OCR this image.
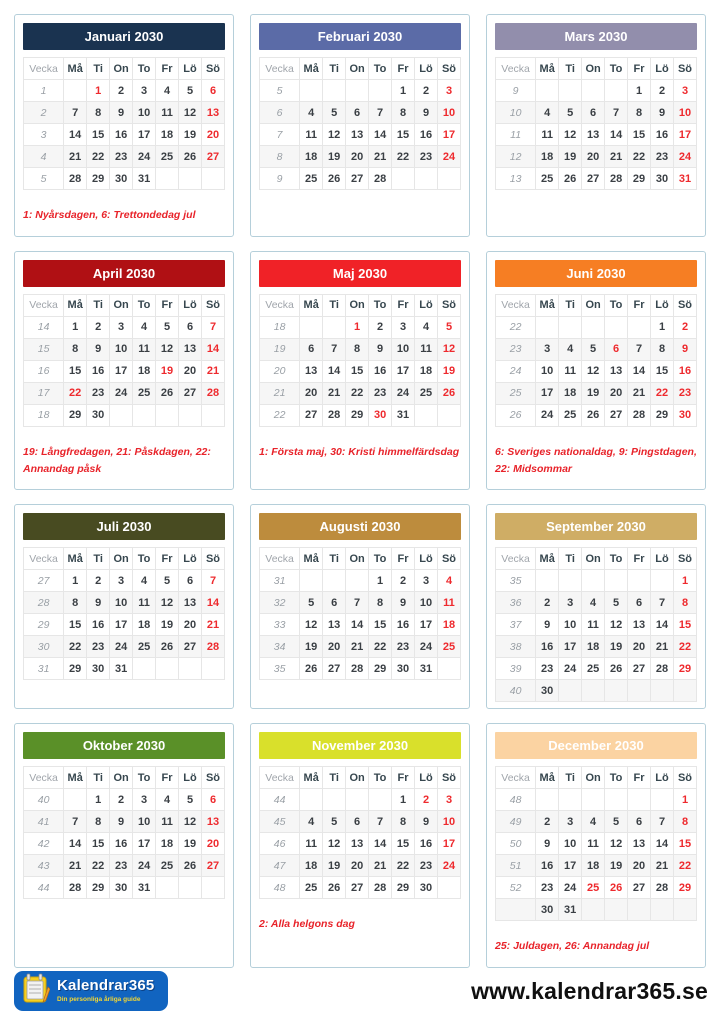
Januari 2030
Vecka	Må	Ti	On	To	Fr	Lö	Sö
1		1	2	3	4	5	6
2	7	8	9	10	11	12	13
3	14	15	16	17	18	19	20
4	21	22	23	24	25	26	27
5	28	29	30	31			
1: Nyårsdagen, 6: Trettondedag jul
Februari 2030
Vecka	Må	Ti	On	To	Fr	Lö	Sö
5					1	2	3
6	4	5	6	7	8	9	10
7	11	12	13	14	15	16	17
8	18	19	20	21	22	23	24
9	25	26	27	28			
Mars 2030
Vecka	Må	Ti	On	To	Fr	Lö	Sö
9					1	2	3
10	4	5	6	7	8	9	10
11	11	12	13	14	15	16	17
12	18	19	20	21	22	23	24
13	25	26	27	28	29	30	31
April 2030
Vecka	Må	Ti	On	To	Fr	Lö	Sö
14	1	2	3	4	5	6	7
15	8	9	10	11	12	13	14
16	15	16	17	18	19	20	21
17	22	23	24	25	26	27	28
18	29	30					
19: Långfredagen, 21: Påskdagen, 22: Annandag påsk
Maj 2030
Vecka	Må	Ti	On	To	Fr	Lö	Sö
18			1	2	3	4	5
19	6	7	8	9	10	11	12
20	13	14	15	16	17	18	19
21	20	21	22	23	24	25	26
22	27	28	29	30	31		
1: Första maj, 30: Kristi himmelfärdsdag
Juni 2030
Vecka	Må	Ti	On	To	Fr	Lö	Sö
22						1	2
23	3	4	5	6	7	8	9
24	10	11	12	13	14	15	16
25	17	18	19	20	21	22	23
26	24	25	26	27	28	29	30
6: Sveriges nationaldag, 9: Pingstdagen, 22: Midsommar
Juli 2030
Vecka	Må	Ti	On	To	Fr	Lö	Sö
27	1	2	3	4	5	6	7
28	8	9	10	11	12	13	14
29	15	16	17	18	19	20	21
30	22	23	24	25	26	27	28
31	29	30	31				
Augusti 2030
Vecka	Må	Ti	On	To	Fr	Lö	Sö
31				1	2	3	4
32	5	6	7	8	9	10	11
33	12	13	14	15	16	17	18
34	19	20	21	22	23	24	25
35	26	27	28	29	30	31	
September 2030
Vecka	Må	Ti	On	To	Fr	Lö	Sö
35							1
36	2	3	4	5	6	7	8
37	9	10	11	12	13	14	15
38	16	17	18	19	20	21	22
39	23	24	25	26	27	28	29
40	30						
Oktober 2030
Vecka	Må	Ti	On	To	Fr	Lö	Sö
40		1	2	3	4	5	6
41	7	8	9	10	11	12	13
42	14	15	16	17	18	19	20
43	21	22	23	24	25	26	27
44	28	29	30	31			
November 2030
Vecka	Må	Ti	On	To	Fr	Lö	Sö
44					1	2	3
45	4	5	6	7	8	9	10
46	11	12	13	14	15	16	17
47	18	19	20	21	22	23	24
48	25	26	27	28	29	30	
2: Alla helgons dag
December 2030
Vecka	Må	Ti	On	To	Fr	Lö	Sö
48							1
49	2	3	4	5	6	7	8
50	9	10	11	12	13	14	15
51	16	17	18	19	20	21	22
52	23	24	25	26	27	28	29
	30	31					
25: Juldagen, 26: Annandag jul
Kalendrar365
Din personliga årliga guide	www.kalendrar365.se
